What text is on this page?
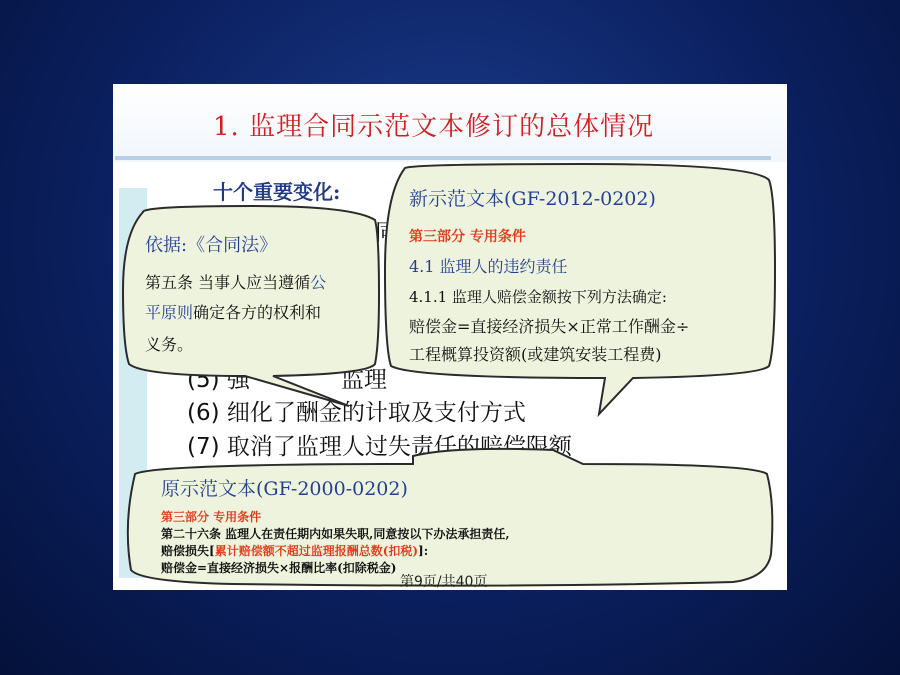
1. 监理合同示范文本修订的总体情况
十个重要变化:
(5) 强	监理
(6) 细化了酬金的计取及支付方式
(7) 取消了监理人过失责任的赔偿限额
依据:《合同法》
第五条 当事人应当遵循公
平原则确定各方的权利和
义务。
新示范文本(GF-2012-0202)
第三部分 专用条件
4.1 监理人的违约责任
4.1.1 监理人赔偿金额按下列方法确定:
赔偿金=直接经济损失×正常工作酬金÷
工程概算投资额(或建筑安装工程费)
原示范文本(GF-2000-0202)
第三部分 专用条件
第二十六条 监理人在责任期内如果失职,同意按以下办法承担责任,
赔偿损失[累计赔偿额不超过监理报酬总数(扣税)]:
赔偿金=直接经济损失×报酬比率(扣除税金)
第9页/共40页
